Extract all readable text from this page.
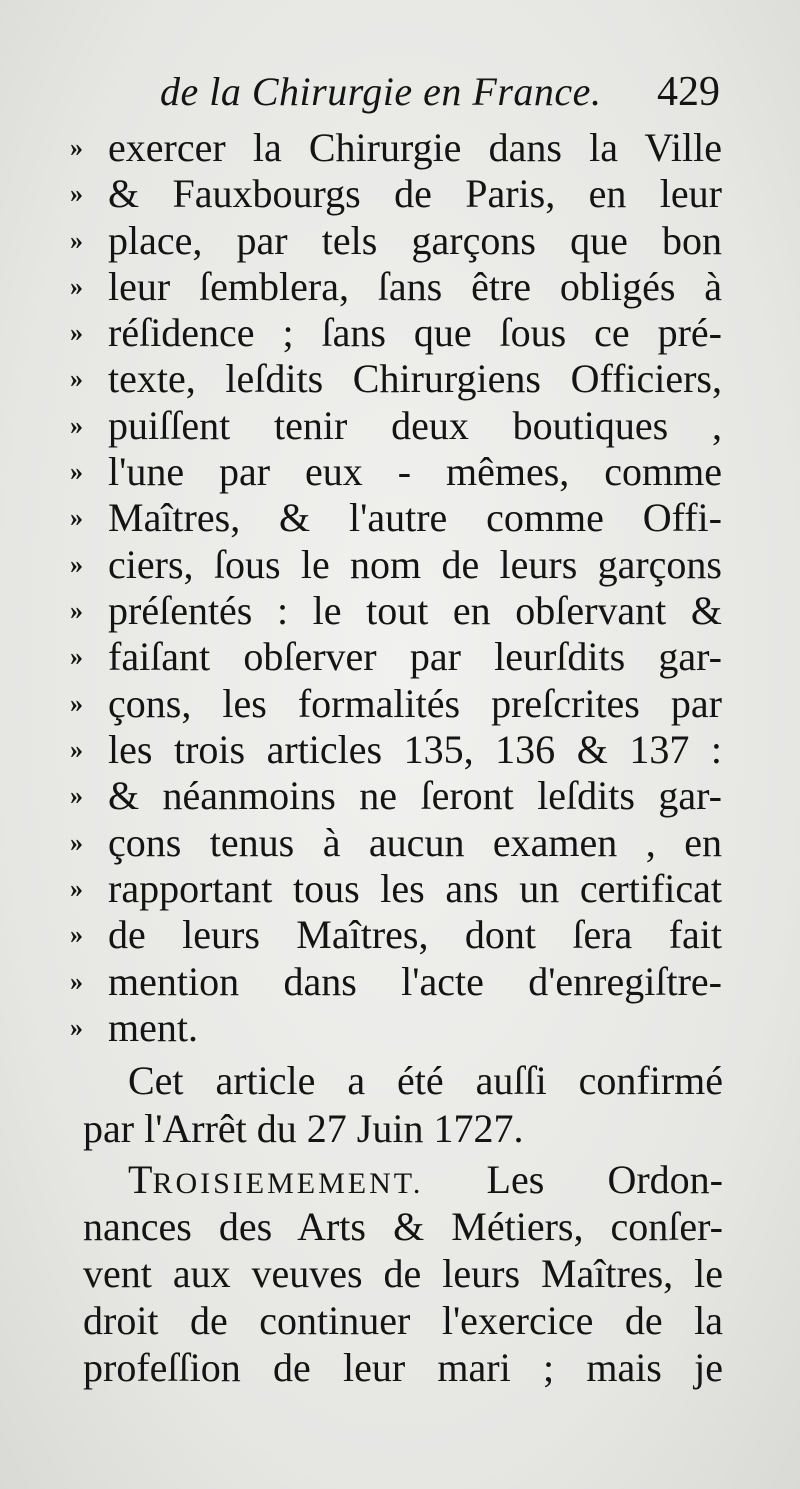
de la Chirurgie en France. 429
» exercer la Chirurgie dans la Ville
» & Fauxbourgs de Paris, en leur
» place, par tels garçons que bon
» leur ſemblera, ſans être obligés à
» réſidence ; ſans que ſous ce pré-
» texte, leſdits Chirurgiens Officiers,
» puiſſent tenir deux boutiques ,
» l'une par eux - mêmes, comme
» Maîtres, & l'autre comme Offi-
» ciers, ſous le nom de leurs garçons
» préſentés : le tout en obſervant &
» faiſant obſerver par leurſdits gar-
» çons, les formalités preſcrites par
» les trois articles 135, 136 & 137 :
» & néanmoins ne ſeront leſdits gar-
» çons tenus à aucun examen , en
» rapportant tous les ans un certificat
» de leurs Maîtres, dont ſera fait
» mention dans l'acte d'enregiſtre-
» ment.
Cet article a été auſſi confirmé
par l'Arrêt du 27 Juin 1727.
TROISIEMEMENT. Les Ordon-
nances des Arts & Métiers, conſer-
vent aux veuves de leurs Maîtres, le
droit de continuer l'exercice de la
profeſſion de leur mari ; mais je
